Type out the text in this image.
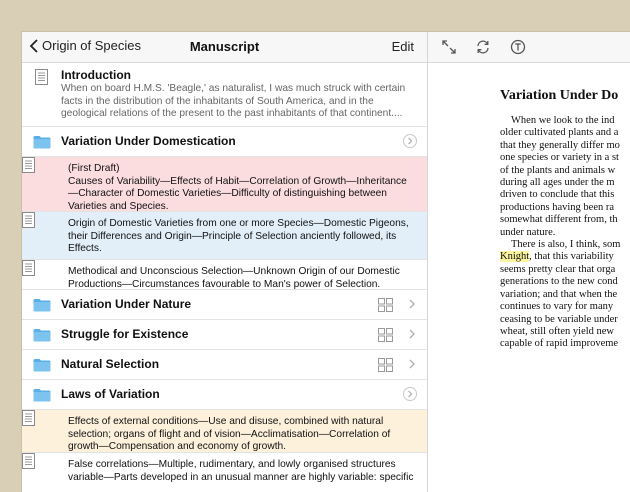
Origin of Species	Manuscript	Edit
Introduction
When on board H.M.S. 'Beagle,' as naturalist, I was much struck with certain
facts in the distribution of the inhabitants of South America, and in the
geological relations of the present to the past inhabitants of that continent....
Variation Under Domestication
(First Draft)
Causes of Variability—Effects of Habit—Correlation of Growth—Inheritance
—Character of Domestic Varieties—Difficulty of distinguishing between
Varieties and Species.
Origin of Domestic Varieties from one or more Species—Domestic Pigeons,
their Differences and Origin—Principle of Selection anciently followed, its
Effects.
Methodical and Unconscious Selection—Unknown Origin of our Domestic
Productions—Circumstances favourable to Man's power of Selection.
Variation Under Nature
Struggle for Existence
Natural Selection
Laws of Variation
Effects of external conditions—Use and disuse, combined with natural
selection; organs of flight and of vision—Acclimatisation—Correlation of
growth—Compensation and economy of growth.
False correlations—Multiple, rudimentary, and lowly organised structures
variable—Parts developed in an unusual manner are highly variable: specific
Variation Under Do

When we look to the ind
older cultivated plants and a
that they generally differ mo
one species or variety in a st
of the plants and animals w
during all ages under the m
driven to conclude that this
productions having been ra
somewhat different from, th
under nature.

There is also, I think, som
Knight, that this variability
seems pretty clear that orga
generations to the new cond
variation; and that when the
continues to vary for many
ceasing to be variable under
wheat, still often yield new
capable of rapid improveme
